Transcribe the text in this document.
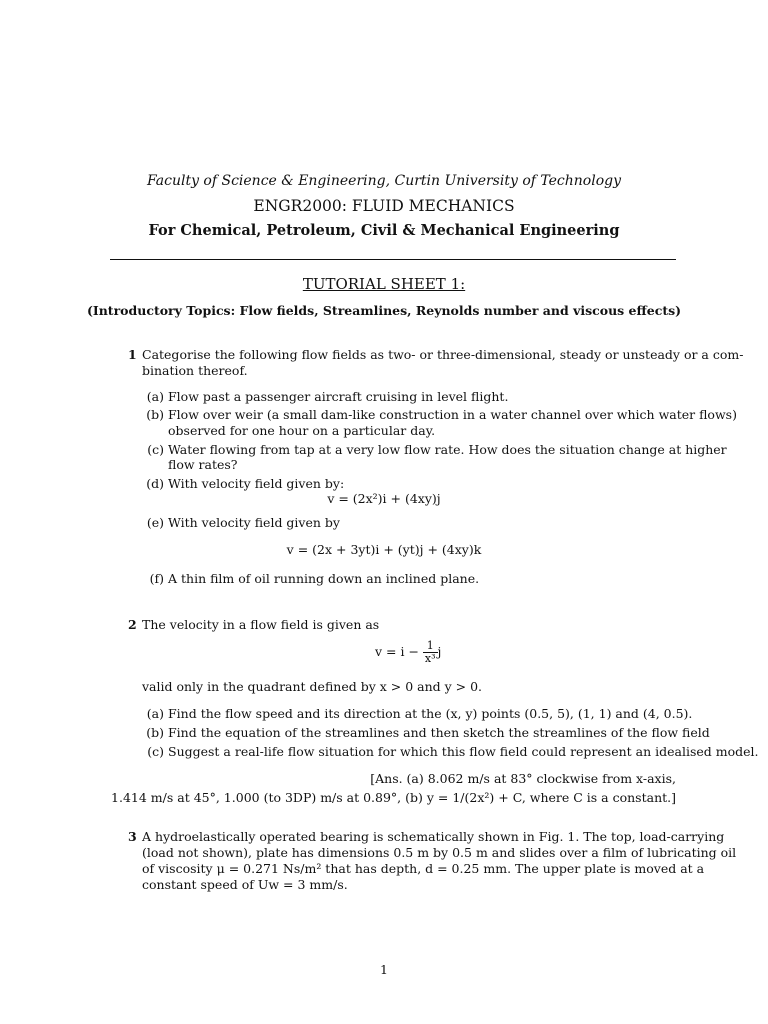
Faculty of Science & Engineering, Curtin University of Technology
ENGR2000: FLUID MECHANICS
For Chemical, Petroleum, Civil & Mechanical Engineering
TUTORIAL SHEET 1:
(Introductory Topics: Flow fields, Streamlines, Reynolds number and viscous effects)
1 Categorise the following flow fields as two- or three-dimensional, steady or unsteady or a com-
bination thereof.
(a) Flow past a passenger aircraft cruising in level flight.
(b) Flow over weir (a small dam-like construction in a water channel over which water flows)
observed for one hour on a particular day.
(c) Water flowing from tap at a very low flow rate. How does the situation change at higher
flow rates?
(d) With velocity field given by:
v = (2x²)i + (4xy)j
(e) With velocity field given by
v = (2x + 3yt)i + (yt)j + (4xy)k
(f) A thin film of oil running down an inclined plane.
2 The velocity in a flow field is given as
$v = i - \frac{1}{\text{x³}}$ j
valid only in the quadrant defined by x > 0 and y > 0.
(a) Find the flow speed and its direction at the (x, y) points (0.5, 5), (1, 1) and (4, 0.5).
(b) Find the equation of the streamlines and then sketch the streamlines of the flow field
(c) Suggest a real-life flow situation for which this flow field could represent an idealised model.
[Ans. (a) 8.062 m/s at 83° clockwise from x-axis,
1.414 m/s at 45°, 1.000 (to 3DP) m/s at 0.89°, (b) y = 1/(2x²) + C, where C is a constant.]
3 A hydroelastically operated bearing is schematically shown in Fig. 1. The top, load-carrying
(load not shown), plate has dimensions 0.5 m by 0.5 m and slides over a film of lubricating oil
of viscosity μ = 0.271 Ns/m² that has depth, d = 0.25 mm. The upper plate is moved at a
constant speed of Uw = 3 mm/s.
1
